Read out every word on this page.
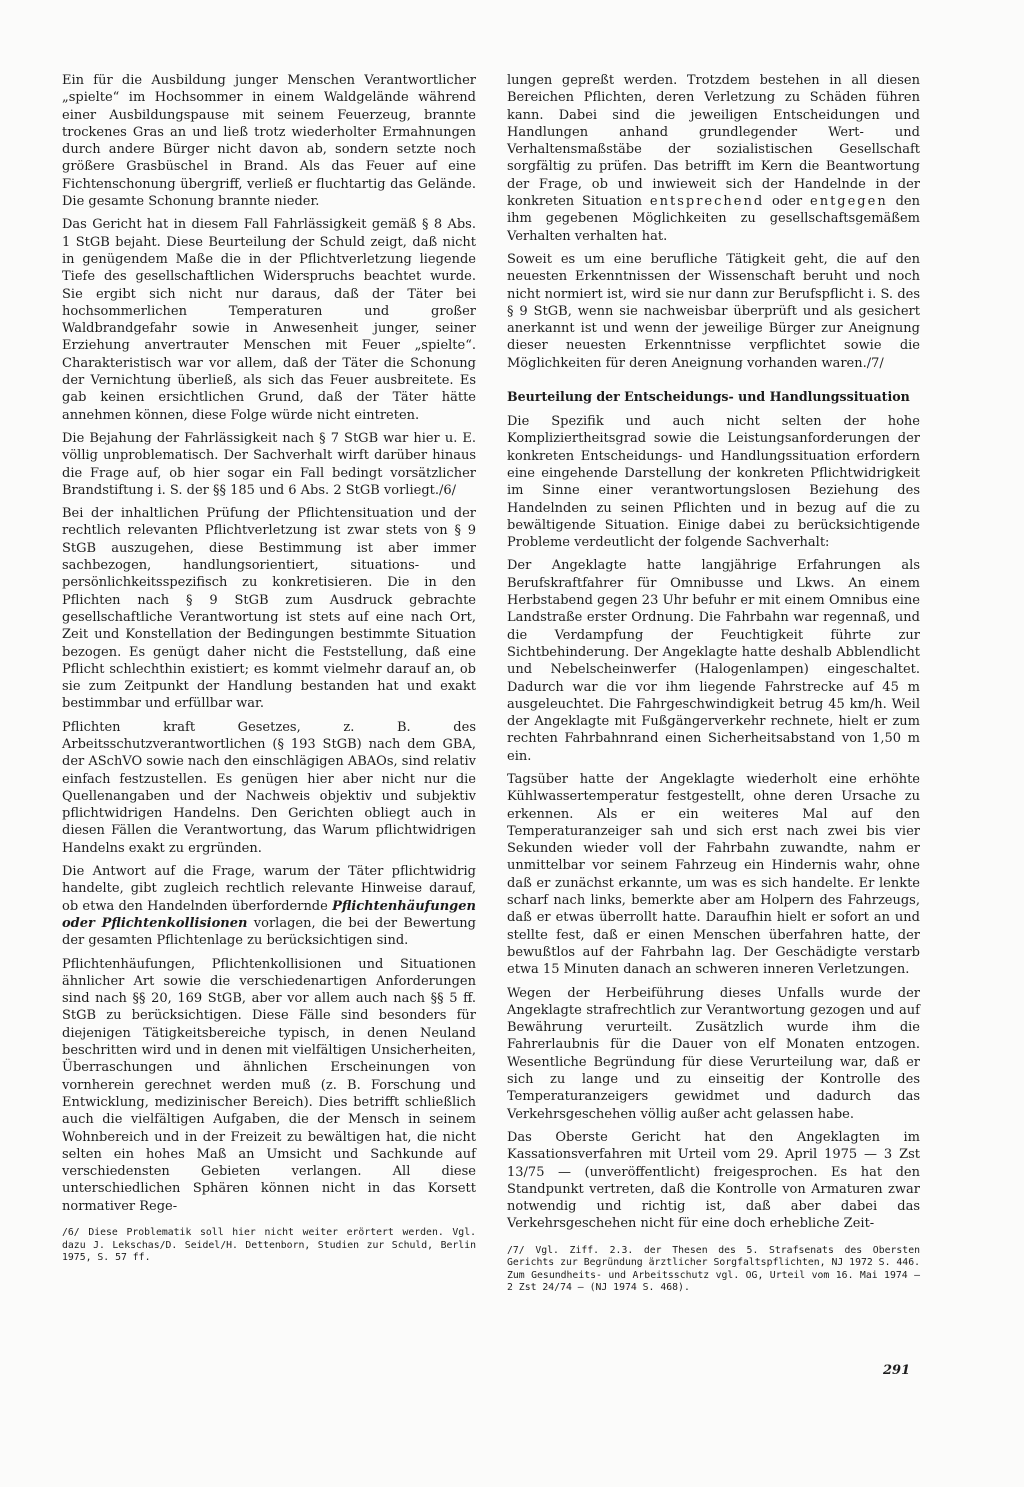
Ein für die Ausbildung junger Menschen Verantwortlicher „spielte“ im Hochsommer in einem Waldgelände während einer Ausbildungspause mit seinem Feuerzeug, brannte trockenes Gras an und ließ trotz wiederholter Ermahnungen durch andere Bürger nicht davon ab, sondern setzte noch größere Grasbüschel in Brand. Als das Feuer auf eine Fichtenschonung übergriff, verließ er fluchtartig das Gelände. Die gesamte Schonung brannte nieder.

Das Gericht hat in diesem Fall Fahrlässigkeit gemäß § 8 Abs. 1 StGB bejaht. Diese Beurteilung der Schuld zeigt, daß nicht in genügendem Maße die in der Pflichtverletzung liegende Tiefe des gesellschaftlichen Widerspruchs beachtet wurde. Sie ergibt sich nicht nur daraus, daß der Täter bei hochsommerlichen Temperaturen und großer Waldbrandgefahr sowie in Anwesenheit junger, seiner Erziehung anvertrauter Menschen mit Feuer „spielte“. Charakteristisch war vor allem, daß der Täter die Schonung der Vernichtung überließ, als sich das Feuer ausbreitete. Es gab keinen ersichtlichen Grund, daß der Täter hätte annehmen können, diese Folge würde nicht eintreten.

Die Bejahung der Fahrlässigkeit nach § 7 StGB war hier u. E. völlig unproblematisch. Der Sachverhalt wirft darüber hinaus die Frage auf, ob hier sogar ein Fall bedingt vorsätzlicher Brandstiftung i. S. der §§ 185 und 6 Abs. 2 StGB vorliegt./6/

Bei der inhaltlichen Prüfung der Pflichtensituation und der rechtlich relevanten Pflichtverletzung ist zwar stets von § 9 StGB auszugehen, diese Bestimmung ist aber immer sachbezogen, handlungsorientiert, situations- und persönlichkeitsspezifisch zu konkretisieren. Die in den Pflichten nach § 9 StGB zum Ausdruck gebrachte gesellschaftliche Verantwortung ist stets auf eine nach Ort, Zeit und Konstellation der Bedingungen bestimmte Situation bezogen. Es genügt daher nicht die Feststellung, daß eine Pflicht schlechthin existiert; es kommt vielmehr darauf an, ob sie zum Zeitpunkt der Handlung bestanden hat und exakt bestimmbar und erfüllbar war.

Pflichten kraft Gesetzes, z. B. des Arbeitsschutzverantwortlichen (§ 193 StGB) nach dem GBA, der ASchVO sowie nach den einschlägigen ABAOs, sind relativ einfach festzustellen. Es genügen hier aber nicht nur die Quellenangaben und der Nachweis objektiv und subjektiv pflichtwidrigen Handelns. Den Gerichten obliegt auch in diesen Fällen die Verantwortung, das Warum pflichtwidrigen Handelns exakt zu ergründen.

Die Antwort auf die Frage, warum der Täter pflichtwidrig handelte, gibt zugleich rechtlich relevante Hinweise darauf, ob etwa den Handelnden überfordernde Pflichtenhäufungen oder Pflichtenkollisionen vorlagen, die bei der Bewertung der gesamten Pflichtenlage zu berücksichtigen sind.

Pflichtenhäufungen, Pflichtenkollisionen und Situationen ähnlicher Art sowie die verschiedenartigen Anforderungen sind nach §§ 20, 169 StGB, aber vor allem auch nach §§ 5 ff. StGB zu berücksichtigen. Diese Fälle sind besonders für diejenigen Tätigkeitsbereiche typisch, in denen Neuland beschritten wird und in denen mit vielfältigen Unsicherheiten, Überraschungen und ähnlichen Erscheinungen von vornherein gerechnet werden muß (z. B. Forschung und Entwicklung, medizinischer Bereich). Dies betrifft schließlich auch die vielfältigen Aufgaben, die der Mensch in seinem Wohnbereich und in der Freizeit zu bewältigen hat, die nicht selten ein hohes Maß an Umsicht und Sachkunde auf verschiedensten Gebieten verlangen. All diese unterschiedlichen Sphären können nicht in das Korsett normativer Rege-

/6/ Diese Problematik soll hier nicht weiter erörtert werden. Vgl. dazu J. Lekschas/D. Seidel/H. Dettenborn, Studien zur Schuld, Berlin 1975, S. 57 ff.

lungen gepreßt werden. Trotzdem bestehen in all diesen Bereichen Pflichten, deren Verletzung zu Schäden führen kann. Dabei sind die jeweiligen Entscheidungen und Handlungen anhand grundlegender Wert- und Verhaltensmaßstäbe der sozialistischen Gesellschaft sorgfältig zu prüfen. Das betrifft im Kern die Beantwortung der Frage, ob und inwieweit sich der Handelnde in der konkreten Situation entsprechend oder entgegen den ihm gegebenen Möglichkeiten zu gesellschaftsgemäßem Verhalten verhalten hat.

Soweit es um eine berufliche Tätigkeit geht, die auf den neuesten Erkenntnissen der Wissenschaft beruht und noch nicht normiert ist, wird sie nur dann zur Berufspflicht i. S. des § 9 StGB, wenn sie nachweisbar überprüft und als gesichert anerkannt ist und wenn der jeweilige Bürger zur Aneignung dieser neuesten Erkenntnisse verpflichtet sowie die Möglichkeiten für deren Aneignung vorhanden waren./7/

Beurteilung der Entscheidungs- und Handlungssituation

Die Spezifik und auch nicht selten der hohe Kompliziertheitsgrad sowie die Leistungsanforderungen der konkreten Entscheidungs- und Handlungssituation erfordern eine eingehende Darstellung der konkreten Pflichtwidrigkeit im Sinne einer verantwortungslosen Beziehung des Handelnden zu seinen Pflichten und in bezug auf die zu bewältigende Situation. Einige dabei zu berücksichtigende Probleme verdeutlicht der folgende Sachverhalt:

Der Angeklagte hatte langjährige Erfahrungen als Berufskraftfahrer für Omnibusse und Lkws. An einem Herbstabend gegen 23 Uhr befuhr er mit einem Omnibus eine Landstraße erster Ordnung. Die Fahrbahn war regennaß, und die Verdampfung der Feuchtigkeit führte zur Sichtbehinderung. Der Angeklagte hatte deshalb Abblendlicht und Nebelscheinwerfer (Halogenlampen) eingeschaltet. Dadurch war die vor ihm liegende Fahrstrecke auf 45 m ausgeleuchtet. Die Fahrgeschwindigkeit betrug 45 km/h. Weil der Angeklagte mit Fußgängerverkehr rechnete, hielt er zum rechten Fahrbahnrand einen Sicherheitsabstand von 1,50 m ein.

Tagsüber hatte der Angeklagte wiederholt eine erhöhte Kühlwassertemperatur festgestellt, ohne deren Ursache zu erkennen. Als er ein weiteres Mal auf den Temperaturanzeiger sah und sich erst nach zwei bis vier Sekunden wieder voll der Fahrbahn zuwandte, nahm er unmittelbar vor seinem Fahrzeug ein Hindernis wahr, ohne daß er zunächst erkannte, um was es sich handelte. Er lenkte scharf nach links, bemerkte aber am Holpern des Fahrzeugs, daß er etwas überrollt hatte. Daraufhin hielt er sofort an und stellte fest, daß er einen Menschen überfahren hatte, der bewußtlos auf der Fahrbahn lag. Der Geschädigte verstarb etwa 15 Minuten danach an schweren inneren Verletzungen.

Wegen der Herbeiführung dieses Unfalls wurde der Angeklagte strafrechtlich zur Verantwortung gezogen und auf Bewährung verurteilt. Zusätzlich wurde ihm die Fahrerlaubnis für die Dauer von elf Monaten entzogen. Wesentliche Begründung für diese Verurteilung war, daß er sich zu lange und zu einseitig der Kontrolle des Temperaturanzeigers gewidmet und dadurch das Verkehrsgeschehen völlig außer acht gelassen habe.

Das Oberste Gericht hat den Angeklagten im Kassationsverfahren mit Urteil vom 29. April 1975 — 3 Zst 13/75 — (unveröffentlicht) freigesprochen. Es hat den Standpunkt vertreten, daß die Kontrolle von Armaturen zwar notwendig und richtig ist, daß aber dabei das Verkehrsgeschehen nicht für eine doch erhebliche Zeit-

/7/ Vgl. Ziff. 2.3. der Thesen des 5. Strafsenats des Obersten Gerichts zur Begründung ärztlicher Sorgfaltspflichten, NJ 1972 S. 446. Zum Gesundheits- und Arbeitsschutz vgl. OG, Urteil vom 16. Mai 1974 — 2 Zst 24/74 — (NJ 1974 S. 468).

291
